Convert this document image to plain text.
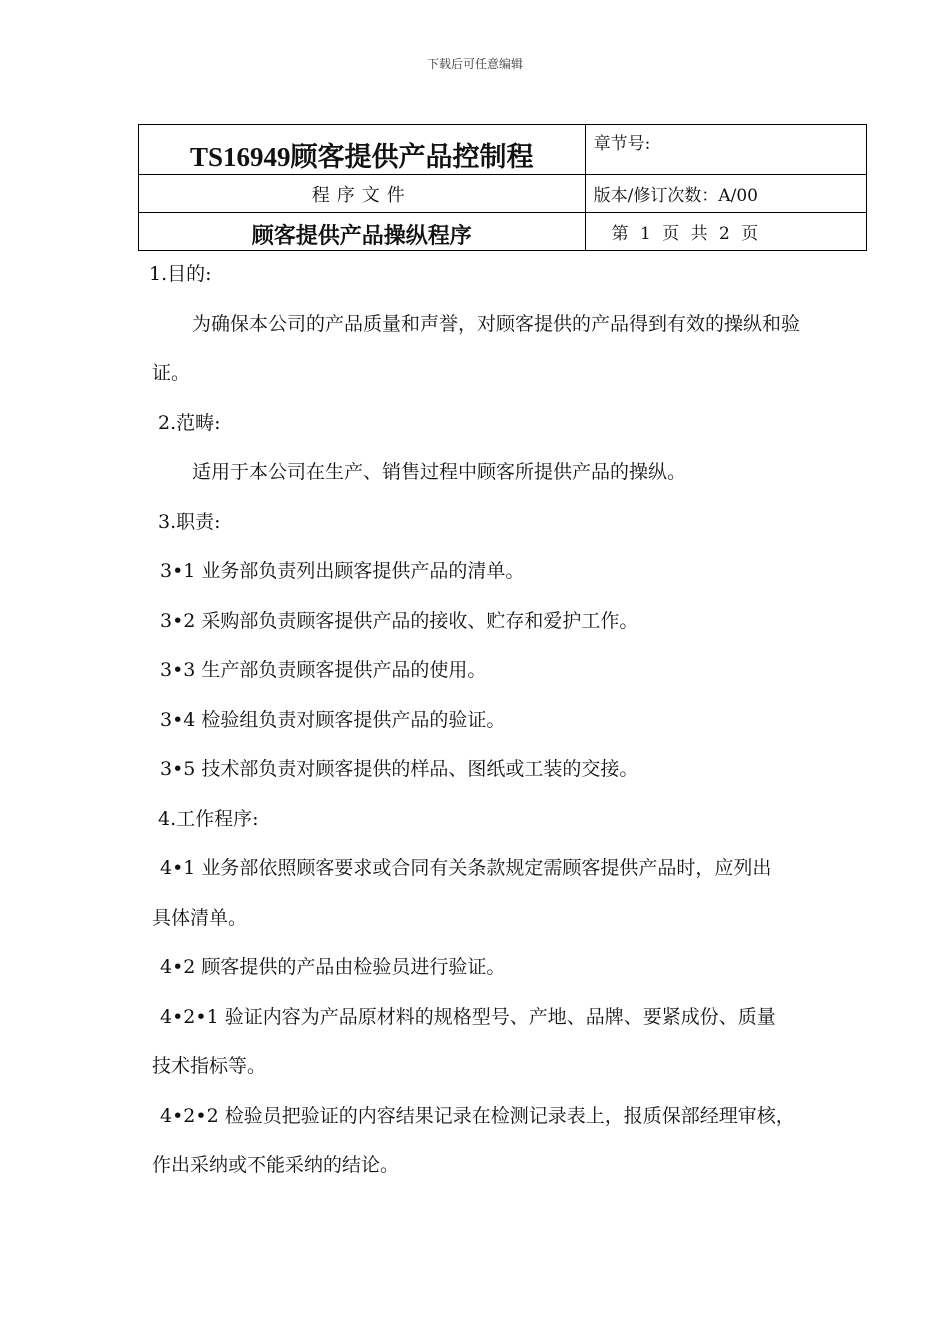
下载后可任意编辑
TS16949顾客提供产品控制程	章节号:
程序文件	版本/修订次数：A/00
顾客提供产品操纵程序	第 1 页 共 2 页

1.目的:

为确保本公司的产品质量和声誉，对顾客提供的产品得到有效的操纵和验

证。

2.范畴:

适用于本公司在生产、销售过程中顾客所提供产品的操纵。

3.职责:

3•1 业务部负责列出顾客提供产品的清单。

3•2 采购部负责顾客提供产品的接收、贮存和爱护工作。

3•3 生产部负责顾客提供产品的使用。

3•4 检验组负责对顾客提供产品的验证。

3•5 技术部负责对顾客提供的样品、图纸或工装的交接。

4.工作程序:

4•1 业务部依照顾客要求或合同有关条款规定需顾客提供产品时，应列出

具体清单。

4•2 顾客提供的产品由检验员进行验证。

4•2•1 验证内容为产品原材料的规格型号、产地、品牌、要紧成份、质量

技术指标等。

4•2•2 检验员把验证的内容结果记录在检测记录表上，报质保部经理审核，

作出采纳或不能采纳的结论。
